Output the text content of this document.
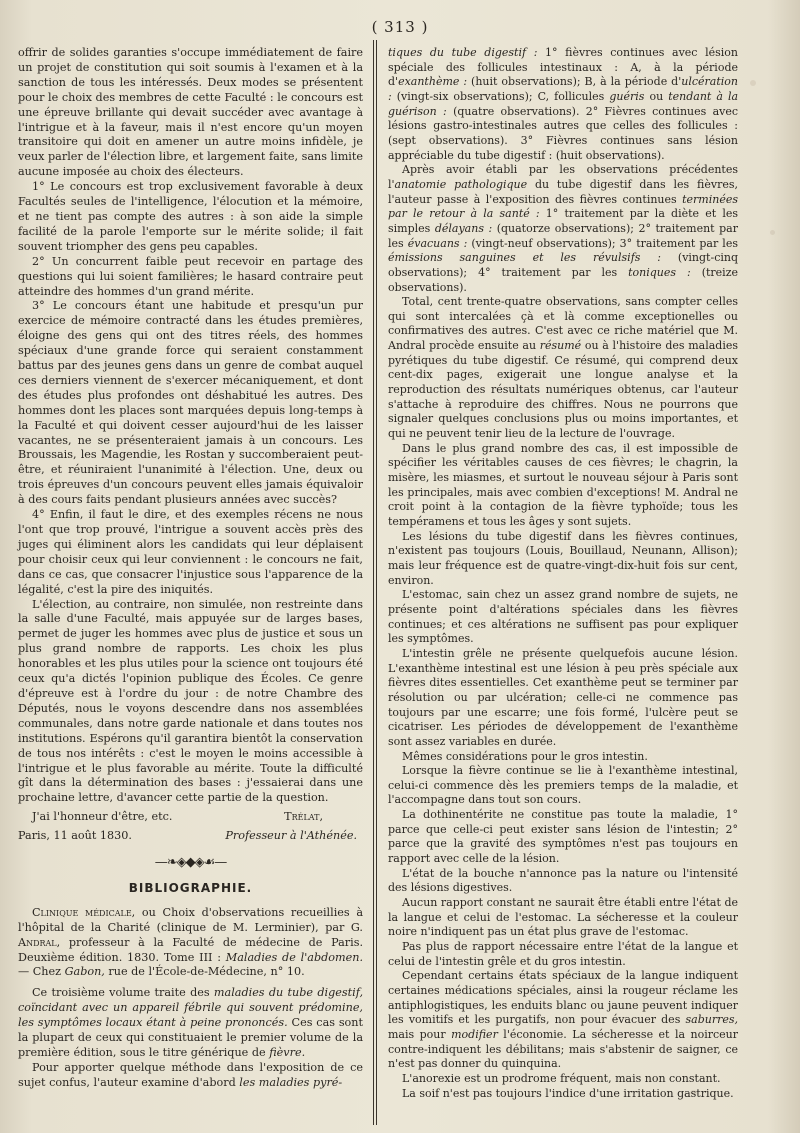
( 313 )

offrir de solides garanties s'occupe immédiatement de faire un projet de constitution qui soit soumis à l'examen et à la sanction de tous les intéressés. Deux modes se présentent pour le choix des membres de cette Faculté : le concours est une épreuve brillante qui devait succéder avec avantage à l'intrigue et à la faveur, mais il n'est encore qu'un moyen transitoire qui doit en amener un autre moins infidèle, je veux parler de l'élection libre, et largement faite, sans limite aucune imposée au choix des électeurs.

1° Le concours est trop exclusivement favorable à deux Facultés seules de l'intelligence, l'élocution et la mémoire, et ne tient pas compte des autres : à son aide la simple facilité de la parole l'emporte sur le mérite solide; il fait souvent triompher des gens peu capables.

2° Un concurrent faible peut recevoir en partage des questions qui lui soient familières; le hasard contraire peut atteindre des hommes d'un grand mérite.

3° Le concours étant une habitude et presqu'un pur exercice de mémoire contracté dans les études premières, éloigne des gens qui ont des titres réels, des hommes spéciaux d'une grande force qui seraient constamment battus par des jeunes gens dans un genre de combat auquel ces derniers viennent de s'exercer mécaniquement, et dont des études plus profondes ont déshabitué les autres. Des hommes dont les places sont marquées depuis long-temps à la Faculté et qui doivent cesser aujourd'hui de les laisser vacantes, ne se présenteraient jamais à un concours. Les Broussais, les Magendie, les Rostan y succomberaient peut-être, et réuniraient l'unanimité à l'élection. Une, deux ou trois épreuves d'un concours peuvent elles jamais équivaloir à des cours faits pendant plusieurs années avec succès?

4° Enfin, il faut le dire, et des exemples récens ne nous l'ont que trop prouvé, l'intrigue a souvent accès près des juges qui éliminent alors les candidats qui leur déplaisent pour choisir ceux qui leur conviennent : le concours ne fait, dans ce cas, que consacrer l'injustice sous l'apparence de la légalité, c'est la pire des iniquités.

L'élection, au contraire, non simulée, non restreinte dans la salle d'une Faculté, mais appuyée sur de larges bases, permet de juger les hommes avec plus de justice et sous un plus grand nombre de rapports. Les choix les plus honorables et les plus utiles pour la science ont toujours été ceux qu'a dictés l'opinion publique des Écoles. Ce genre d'épreuve est à l'ordre du jour : de notre Chambre des Députés, nous le voyons descendre dans nos assemblées communales, dans notre garde nationale et dans toutes nos institutions. Espérons qu'il garantira bientôt la conservation de tous nos intérêts : c'est le moyen le moins accessible à l'intrigue et le plus favorable au mérite. Toute la difficulté gît dans la détermination des bases : j'essaierai dans une prochaine lettre, d'avancer cette partie de la question.

J'ai l'honneur d'être, etc.	Trélat,
Paris, 11 août 1830.	Professeur à l'Athénée.
—❧◈◆◈☙—
BIBLIOGRAPHIE.

Clinique médicale, ou Choix d'observations recueillies à l'hôpital de la Charité (clinique de M. Lerminier), par G. Andral, professeur à la Faculté de médecine de Paris. Deuxième édition. 1830. Tome III : Maladies de l'abdomen. — Chez Gabon, rue de l'École-de-Médecine, n° 10.

Ce troisième volume traite des maladies du tube digestif, coïncidant avec un appareil fébrile qui souvent prédomine, les symptômes locaux étant à peine prononcés. Ces cas sont la plupart de ceux qui constituaient le premier volume de la première édition, sous le titre générique de fièvre.

Pour apporter quelque méthode dans l'exposition de ce sujet confus, l'auteur examine d'abord les maladies pyré-

tiques du tube digestif : 1° fièvres continues avec lésion spéciale des follicules intestinaux : A, à la période d'exanthème : (huit observations); B, à la période d'ulcération : (vingt-six observations); C, follicules guéris ou tendant à la guérison : (quatre observations). 2° Fièvres continues avec lésions gastro-intestinales autres que celles des follicules : (sept observations). 3° Fièvres continues sans lésion appréciable du tube digestif : (huit observations).

Après avoir établi par les observations précédentes l'anatomie pathologique du tube digestif dans les fièvres, l'auteur passe à l'exposition des fièvres continues terminées par le retour à la santé : 1° traitement par la diète et les simples délayans : (quatorze observations); 2° traitement par les évacuans : (vingt-neuf observations); 3° traitement par les émissions sanguines et les révulsifs : (vingt-cinq observations); 4° traitement par les toniques : (treize observations).

Total, cent trente-quatre observations, sans compter celles qui sont intercalées çà et là comme exceptionelles ou confirmatives des autres. C'est avec ce riche matériel que M. Andral procède ensuite au résumé ou à l'histoire des maladies pyrétiques du tube digestif. Ce résumé, qui comprend deux cent-dix pages, exigerait une longue analyse et la reproduction des résultats numériques obtenus, car l'auteur s'attache à reproduire des chiffres. Nous ne pourrons que signaler quelques conclusions plus ou moins importantes, et qui ne peuvent tenir lieu de la lecture de l'ouvrage.

Dans le plus grand nombre des cas, il est impossible de spécifier les véritables causes de ces fièvres; le chagrin, la misère, les miasmes, et surtout le nouveau séjour à Paris sont les principales, mais avec combien d'exceptions! M. Andral ne croit point à la contagion de la fièvre typhoïde; tous les tempéramens et tous les âges y sont sujets.

Les lésions du tube digestif dans les fièvres continues, n'existent pas toujours (Louis, Bouillaud, Neunann, Allison); mais leur fréquence est de quatre-vingt-dix-huit fois sur cent, environ.

L'estomac, sain chez un assez grand nombre de sujets, ne présente point d'altérations spéciales dans les fièvres continues; et ces altérations ne suffisent pas pour expliquer les symptômes.

L'intestin grêle ne présente quelquefois aucune lésion. L'exanthème intestinal est une lésion à peu près spéciale aux fièvres dites essentielles. Cet exanthème peut se terminer par résolution ou par ulcération; celle-ci ne commence pas toujours par une escarre; une fois formé, l'ulcère peut se cicatriser. Les périodes de développement de l'exanthème sont assez variables en durée.

Mêmes considérations pour le gros intestin.

Lorsque la fièvre continue se lie à l'exanthème intestinal, celui-ci commence dès les premiers temps de la maladie, et l'accompagne dans tout son cours.

La dothinentérite ne constitue pas toute la maladie, 1° parce que celle-ci peut exister sans lésion de l'intestin; 2° parce que la gravité des symptômes n'est pas toujours en rapport avec celle de la lésion.

L'état de la bouche n'annonce pas la nature ou l'intensité des lésions digestives.

Aucun rapport constant ne saurait être établi entre l'état de la langue et celui de l'estomac. La sécheresse et la couleur noire n'indiquent pas un état plus grave de l'estomac.

Pas plus de rapport nécessaire entre l'état de la langue et celui de l'intestin grêle et du gros intestin.

Cependant certains états spéciaux de la langue indiquent certaines médications spéciales, ainsi la rougeur réclame les antiphlogistiques, les enduits blanc ou jaune peuvent indiquer les vomitifs et les purgatifs, non pour évacuer des saburres, mais pour modifier l'économie. La sécheresse et la noirceur contre-indiquent les débilitans; mais s'abstenir de saigner, ce n'est pas donner du quinquina.

L'anorexie est un prodrome fréquent, mais non constant.

La soif n'est pas toujours l'indice d'une irritation gastrique.
